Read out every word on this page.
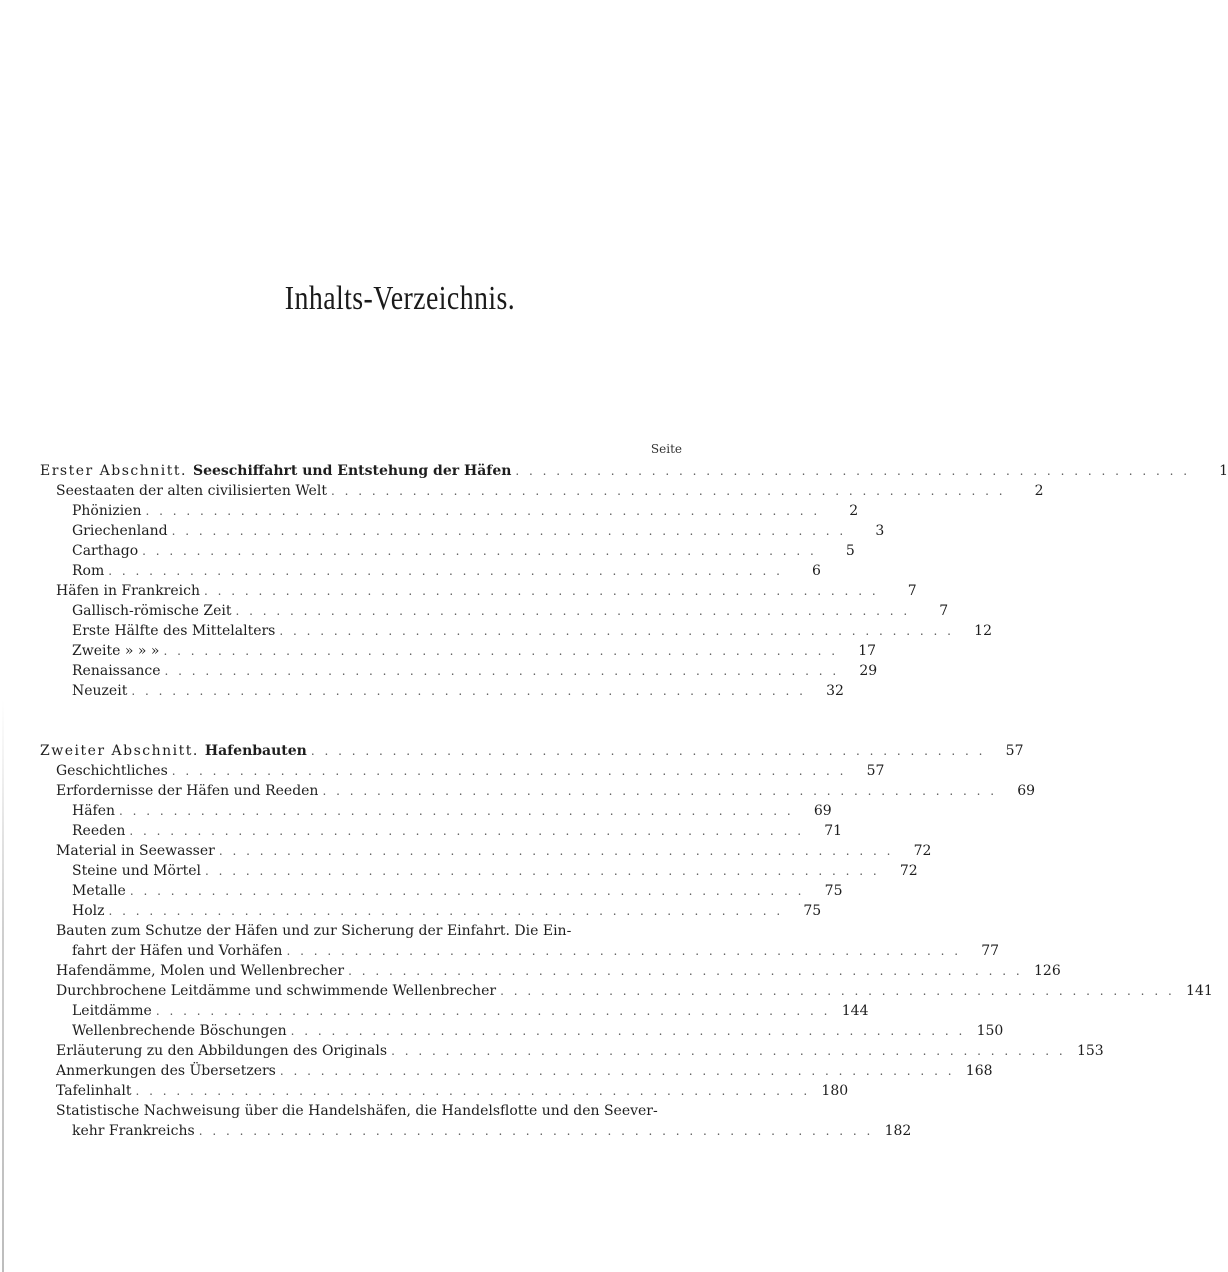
Inhalts-Verzeichnis.
Seite
Erster Abschnitt. Seeschiffahrt und Entstehung der Häfen . . . . . . . . . . . . . . . . . . . . . . . . . . . . . . . . . . . . . . . . . . . . . . . . . .	1
Seestaaten der alten civilisierten Welt . . . . . . . . . . . . . . . . . . . . . . . . . . . . . . . . . . . . . . . . . . . . . . . . . .	2
Phönizien . . . . . . . . . . . . . . . . . . . . . . . . . . . . . . . . . . . . . . . . . . . . . . . . . .	2
Griechenland . . . . . . . . . . . . . . . . . . . . . . . . . . . . . . . . . . . . . . . . . . . . . . . . . .	3
Carthago . . . . . . . . . . . . . . . . . . . . . . . . . . . . . . . . . . . . . . . . . . . . . . . . . .	5
Rom . . . . . . . . . . . . . . . . . . . . . . . . . . . . . . . . . . . . . . . . . . . . . . . . . .	6
Häfen in Frankreich . . . . . . . . . . . . . . . . . . . . . . . . . . . . . . . . . . . . . . . . . . . . . . . . . .	7
Gallisch-römische Zeit . . . . . . . . . . . . . . . . . . . . . . . . . . . . . . . . . . . . . . . . . . . . . . . . . .	7
Erste Hälfte des Mittelalters . . . . . . . . . . . . . . . . . . . . . . . . . . . . . . . . . . . . . . . . . . . . . . . . . .	12
Zweite » » » . . . . . . . . . . . . . . . . . . . . . . . . . . . . . . . . . . . . . . . . . . . . . . . . . .	17
Renaissance . . . . . . . . . . . . . . . . . . . . . . . . . . . . . . . . . . . . . . . . . . . . . . . . . .	29
Neuzeit . . . . . . . . . . . . . . . . . . . . . . . . . . . . . . . . . . . . . . . . . . . . . . . . . .	32
Zweiter Abschnitt. Hafenbauten . . . . . . . . . . . . . . . . . . . . . . . . . . . . . . . . . . . . . . . . . . . . . . . . . .	57
Geschichtliches . . . . . . . . . . . . . . . . . . . . . . . . . . . . . . . . . . . . . . . . . . . . . . . . . .	57
Erfordernisse der Häfen und Reeden . . . . . . . . . . . . . . . . . . . . . . . . . . . . . . . . . . . . . . . . . . . . . . . . . .	69
Häfen . . . . . . . . . . . . . . . . . . . . . . . . . . . . . . . . . . . . . . . . . . . . . . . . . .	69
Reeden . . . . . . . . . . . . . . . . . . . . . . . . . . . . . . . . . . . . . . . . . . . . . . . . . .	71
Material in Seewasser . . . . . . . . . . . . . . . . . . . . . . . . . . . . . . . . . . . . . . . . . . . . . . . . . .	72
Steine und Mörtel . . . . . . . . . . . . . . . . . . . . . . . . . . . . . . . . . . . . . . . . . . . . . . . . . .	72
Metalle . . . . . . . . . . . . . . . . . . . . . . . . . . . . . . . . . . . . . . . . . . . . . . . . . .	75
Holz . . . . . . . . . . . . . . . . . . . . . . . . . . . . . . . . . . . . . . . . . . . . . . . . . .	75
Bauten zum Schutze der Häfen und zur Sicherung der Einfahrt. Die Ein-
fahrt der Häfen und Vorhäfen . . . . . . . . . . . . . . . . . . . . . . . . . . . . . . . . . . . . . . . . . . . . . . . . . .	77
Hafendämme, Molen und Wellenbrecher . . . . . . . . . . . . . . . . . . . . . . . . . . . . . . . . . . . . . . . . . . . . . . . . . . 126
Durchbrochene Leitdämme und schwimmende Wellenbrecher . . . . . . . . . . . . . . . . . . . . . . . . . . . . . . . . . . . . . . . . . . . . . . . . . . 141
Leitdämme . . . . . . . . . . . . . . . . . . . . . . . . . . . . . . . . . . . . . . . . . . . . . . . . . . 144
Wellenbrechende Böschungen . . . . . . . . . . . . . . . . . . . . . . . . . . . . . . . . . . . . . . . . . . . . . . . . . . 150
Erläuterung zu den Abbildungen des Originals . . . . . . . . . . . . . . . . . . . . . . . . . . . . . . . . . . . . . . . . . . . . . . . . . . 153
Anmerkungen des Übersetzers . . . . . . . . . . . . . . . . . . . . . . . . . . . . . . . . . . . . . . . . . . . . . . . . . . 168
Tafelinhalt . . . . . . . . . . . . . . . . . . . . . . . . . . . . . . . . . . . . . . . . . . . . . . . . . . 180
Statistische Nachweisung über die Handelshäfen, die Handelsflotte und den Seever-
kehr Frankreichs . . . . . . . . . . . . . . . . . . . . . . . . . . . . . . . . . . . . . . . . . . . . . . . . . . 182
